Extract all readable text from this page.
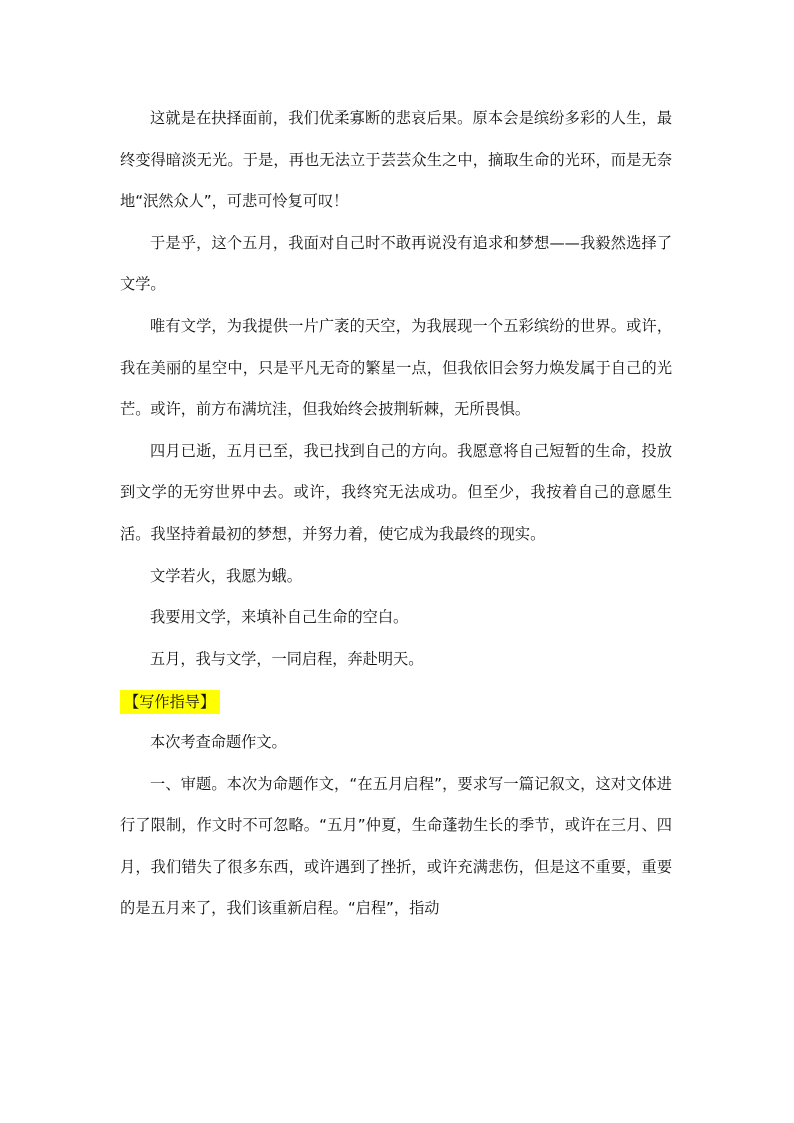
这就是在抉择面前，我们优柔寡断的悲哀后果。原本会是缤纷多彩的人生，最终变得暗淡无光。于是，再也无法立于芸芸众生之中，摘取生命的光环，而是无奈地“泯然众人”，可悲可怜复可叹！

于是乎，这个五月，我面对自己时不敢再说没有追求和梦想——我毅然选择了文学。

唯有文学，为我提供一片广袤的天空，为我展现一个五彩缤纷的世界。或许，我在美丽的星空中，只是平凡无奇的繁星一点，但我依旧会努力焕发属于自己的光芒。或许，前方布满坑洼，但我始终会披荆斩棘，无所畏惧。

四月已逝，五月已至，我已找到自己的方向。我愿意将自己短暂的生命，投放到文学的无穷世界中去。或许，我终究无法成功。但至少，我按着自己的意愿生活。我坚持着最初的梦想，并努力着，使它成为我最终的现实。

文学若火，我愿为蛾。

我要用文学，来填补自己生命的空白。

五月，我与文学，一同启程，奔赴明天。

【写作指导】

本次考查命题作文。

一、审题。本次为命题作文，“在五月启程”，要求写一篇记叙文，这对文体进行了限制，作文时不可忽略。“五月”仲夏，生命蓬勃生长的季节，或许在三月、四月，我们错失了很多东西，或许遇到了挫折，或许充满悲伤，但是这不重要，重要的是五月来了，我们该重新启程。“启程”，指动
